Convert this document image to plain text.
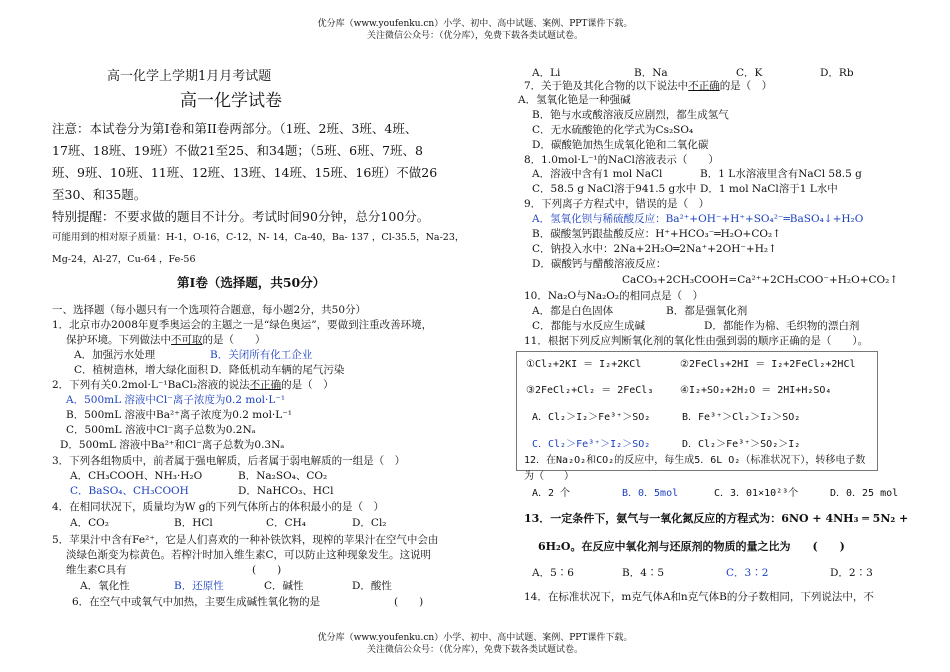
优分库（www.youfenku.cn）小学、初中、高中试题、案例、PPT课件下载。
关注微信公众号：（优分库），免费下载各类试题试卷。
高一化学上学期1月月考试题
高一化学试卷
注意：本试卷分为第Ⅰ卷和第II卷两部分。（1班、2班、3班、4班、
17班、18班、19班）不做21至25、和34题；（5班、6班、7班、8
班、9班、10班、11班、12班、13班、14班、15班、16班）不做26
至30、和35题。
特别提醒：不要求做的题目不计分。考试时间90分钟，总分100分。
可能用到的相对原子质量：H-1，O-16，C-12，N- 14，Ca-40，Ba- 137 ，Cl-35.5，Na-23，
Mg-24，Al-27，Cu-64 ，Fe-56
第Ⅰ卷（选择题，共50分）
一、选择题（每小题只有一个选项符合题意，每小题2分，共50分）
1．北京市办2008年夏季奥运会的主题之一是“绿色奥运”，要做到注重改善环境，
保护环境。下列做法中不可取的是（　　）
A．加强污水处理	B．关闭所有化工企业
C．植树造林，增大绿化面积 D．降低机动车辆的尾气污染
2．下列有关0.2mol·L⁻¹BaCl₂溶液的说法不正确的是（　）
A．500mL 溶液中Cl⁻离子浓度为0.2 mol·L⁻¹
B．500mL 溶液中Ba²⁺离子浓度为0.2 mol·L⁻¹
C．500mL 溶液中Cl⁻离子总数为0.2Nₐ
D．500mL 溶液中Ba²⁺和Cl⁻离子总数为0.3Nₐ
3．下列各组物质中，前者属于强电解质，后者属于弱电解质的一组是（　）
A．CH₃COOH、NH₃·H₂O	B．Na₂SO₄、CO₂
C．BaSO₄、CH₃COOH	D．NaHCO₃、HCl
4．在相同状况下，质量均为W g的下列气体所占的体积最小的是（　）
A．CO₂	B．HCl	C．CH₄	D．Cl₂
5．苹果汁中含有Fe²⁺，它是人们喜欢的一种补铁饮料，现榨的苹果汁在空气中会由
淡绿色渐变为棕黄色。若榨汁时加入维生素C，可以防止这种现象发生。这说明
维生素C具有	(　　)
A．氧化性	B．还原性	C．碱性	D．酸性
6．在空气中或氧气中加热，主要生成碱性氧化物的是	(　　)
A．Li	B．Na	C．K	D．Rb
7．关于铯及其化合物的以下说法中不正确的是（　）
A．氢氧化铯是一种强碱
B．铯与水或酸溶液反应剧烈，都生成氢气
C．无水硫酸铯的化学式为Cs₂SO₄
D．碳酸铯加热生成氧化铯和二氧化碳
8．1.0mol·L⁻¹的NaCl溶液表示（　　）
A．溶液中含有1 mol NaCl	B．1 L水溶液里含有NaCl 58.5 g
C．58.5 g NaCl溶于941.5 g水中 D．1 mol NaCl溶于1 L水中
9．下列离子方程式中，错误的是（　）
A．氢氧化钡与稀硫酸反应：Ba²⁺+OH⁻+H⁺+SO₄²⁻═BaSO₄↓+H₂O
B．碳酸氢钙跟盐酸反应：H⁺+HCO₃⁻═H₂O+CO₂↑
C．钠投入水中：2Na+2H₂O═2Na⁺+2OH⁻+H₂↑
D．碳酸钙与醋酸溶液反应：
CaCO₃+2CH₃COOH=Ca²⁺+2CH₃COO⁻+H₂O+CO₂↑
10．Na₂O与Na₂O₂的相同点是（　）
A．都是白色固体	B．都是强氧化剂
C．都能与水反应生成碱	D．都能作为棉、毛织物的漂白剂
11．根据下列反应判断氧化剂的氧化性由强到弱的顺序正确的是（　　）。
①Cl₂+2KI ＝ I₂+2KCl	②2FeCl₃+2HI ＝ I₂+2FeCl₂+2HCl
③2FeCl₂+Cl₂ ＝ 2FeCl₃	④I₂+SO₂+2H₂O ＝ 2HI+H₂SO₄
A．Cl₂＞I₂＞Fe³⁺＞SO₂	B．Fe³⁺＞Cl₂＞I₂＞SO₂
C．Cl₂＞Fe³⁺＞I₂＞SO₂	D．Cl₂＞Fe³⁺＞SO₂＞I₂
12．在Na₂O₂和CO₂的反应中，每生成5．6L O₂（标准状况下），转移电子数
为（　　）
A．2 个	B．0．5mol	C．3．01×10²³个	D．0．25 mol
13．一定条件下，氨气与一氧化氮反应的方程式为：6NO + 4NH₃ ═ 5N₂ +
6H₂O。在反应中氧化剂与还原剂的物质的量之比为　　(　　)
A．5∶6	B．4∶5	C．3∶2	D．2∶3
14．在标准状况下，m克气体A和n克气体B的分子数相同，下列说法中，不
优分库（www.youfenku.cn）小学、初中、高中试题、案例、PPT课件下载。
关注微信公众号：（优分库），免费下载各类试题试卷。
